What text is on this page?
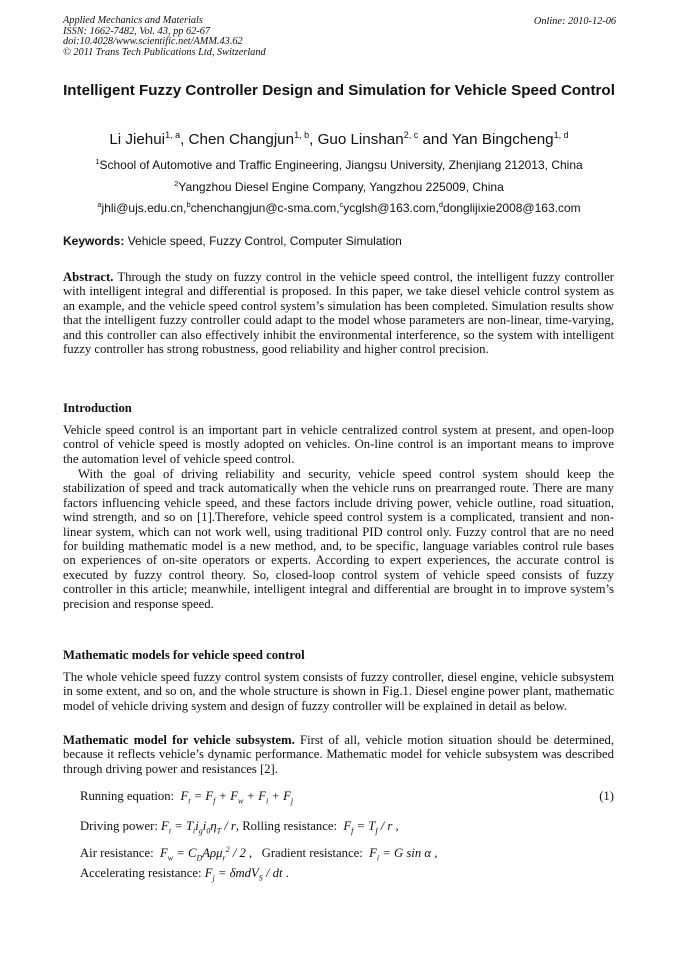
Applied Mechanics and Materials
ISSN: 1662-7482, Vol. 43, pp 62-67
doi:10.4028/www.scientific.net/AMM.43.62
© 2011 Trans Tech Publications Ltd, Switzerland
Online: 2010-12-06
Intelligent Fuzzy Controller Design and Simulation for Vehicle Speed Control
Li Jiehui$^{1, a}$, Chen Changjun$^{1, b}$, Guo Linshan$^{2, c}$ and Yan Bingcheng$^{1, d}$
$^1$School of Automotive and Traffic Engineering, Jiangsu University, Zhenjiang 212013, China
$^2$Yangzhou Diesel Engine Company, Yangzhou 225009, China
$^a$jhli@ujs.edu.cn,$^b$chenchangjun@c-sma.com,$^c$ycglsh@163.com,$^d$donglijixie2008@163.com
Keywords: Vehicle speed, Fuzzy Control, Computer Simulation
Abstract. Through the study on fuzzy control in the vehicle speed control, the intelligent fuzzy controller with intelligent integral and differential is proposed. In this paper, we take diesel vehicle control system as an example, and the vehicle speed control system’s simulation has been completed. Simulation results show that the intelligent fuzzy controller could adapt to the model whose parameters are non-linear, time-varying, and this controller can also effectively inhibit the environmental interference, so the system with intelligent fuzzy controller has strong robustness, good reliability and higher control precision.
Introduction
Vehicle speed control is an important part in vehicle centralized control system at present, and open-loop control of vehicle speed is mostly adopted on vehicles. On-line control is an important means to improve the automation level of vehicle speed control.
With the goal of driving reliability and security, vehicle speed control system should keep the stabilization of speed and track automatically when the vehicle runs on prearranged route. There are many factors influencing vehicle speed, and these factors include driving power, vehicle outline, road situation, wind strength, and so on [1].Therefore, vehicle speed control system is a complicated, transient and non-linear system, which can not work well, using traditional PID control only. Fuzzy control that are no need for building mathematic model is a new method, and, to be specific, language variables control rule bases on experiences of on-site operators or experts. According to expert experiences, the accurate control is executed by fuzzy control theory. So, closed-loop control system of vehicle speed consists of fuzzy controller in this article; meanwhile, intelligent integral and differential are brought in to improve system’s precision and response speed.
Mathematic models for vehicle speed control
The whole vehicle speed fuzzy control system consists of fuzzy controller, diesel engine, vehicle subsystem in some extent, and so on, and the whole structure is shown in Fig.1. Diesel engine power plant, mathematic model of vehicle driving system and design of fuzzy controller will be explained in detail as below.
Mathematic model for vehicle subsystem. First of all, vehicle motion situation should be determined, because it reflects vehicle’s dynamic performance. Mathematic model for vehicle subsystem was described through driving power and resistances [2].
Running equation:  $F_t = F_f + F_w + F_i + F_j$	(1)
Driving power: $F_t = T_ti_gi_0\eta_T / r$, Rolling resistance:  $F_f = T_f / r$ ,
Air resistance:  $F_w = C_DA\rho\mu_r^2 / 2$ ,   Gradient resistance:  $F_i = G$ sin α ,
Accelerating resistance: $F_j = \delta mdV_S$ / dt .
